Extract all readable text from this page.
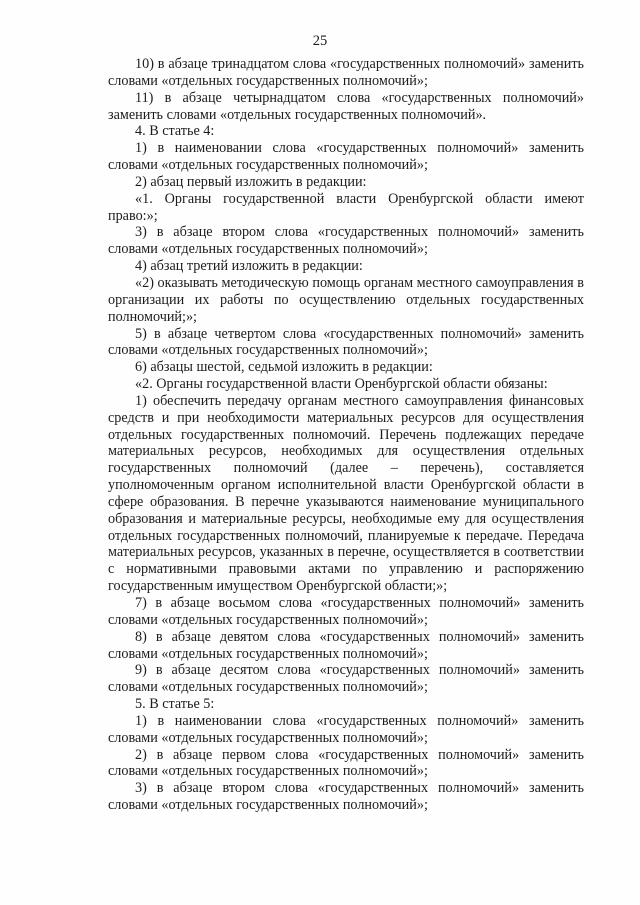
25

10) в абзаце тринадцатом слова «государственных полномочий» заменить словами «отдельных государственных полномочий»;

11) в абзаце четырнадцатом слова «государственных полномочий» заменить словами «отдельных государственных полномочий».

4. В статье 4:

1) в наименовании слова «государственных полномочий» заменить словами «отдельных государственных полномочий»;

2) абзац первый изложить в редакции:

«1. Органы государственной власти Оренбургской области имеют право:»;

3) в абзаце втором слова «государственных полномочий» заменить словами «отдельных государственных полномочий»;

4) абзац третий изложить в редакции:

«2) оказывать методическую помощь органам местного самоуправления в организации их работы по осуществлению отдельных государственных полномочий;»;

5) в абзаце четвертом слова «государственных полномочий» заменить словами «отдельных государственных полномочий»;

6) абзацы шестой, седьмой изложить в редакции:

«2. Органы государственной власти Оренбургской области обязаны:

1) обеспечить передачу органам местного самоуправления финансовых средств и при необходимости материальных ресурсов для осуществления отдельных государственных полномочий. Перечень подлежащих передаче материальных ресурсов, необходимых для осуществления отдельных государственных полномочий (далее – перечень), составляется уполномоченным органом исполнительной власти Оренбургской области в сфере образования. В перечне указываются наименование муниципального образования и материальные ресурсы, необходимые ему для осуществления отдельных государственных полномочий, планируемые к передаче. Передача материальных ресурсов, указанных в перечне, осуществляется в соответствии с нормативными правовыми актами по управлению и распоряжению государственным имуществом Оренбургской области;»;

7) в абзаце восьмом слова «государственных полномочий» заменить словами «отдельных государственных полномочий»;

8) в абзаце девятом слова «государственных полномочий» заменить словами «отдельных государственных полномочий»;

9) в абзаце десятом слова «государственных полномочий» заменить словами «отдельных государственных полномочий»;

5. В статье 5:

1) в наименовании слова «государственных полномочий» заменить словами «отдельных государственных полномочий»;

2) в абзаце первом слова «государственных полномочий» заменить словами «отдельных государственных полномочий»;

3) в абзаце втором слова «государственных полномочий» заменить словами «отдельных государственных полномочий»;
